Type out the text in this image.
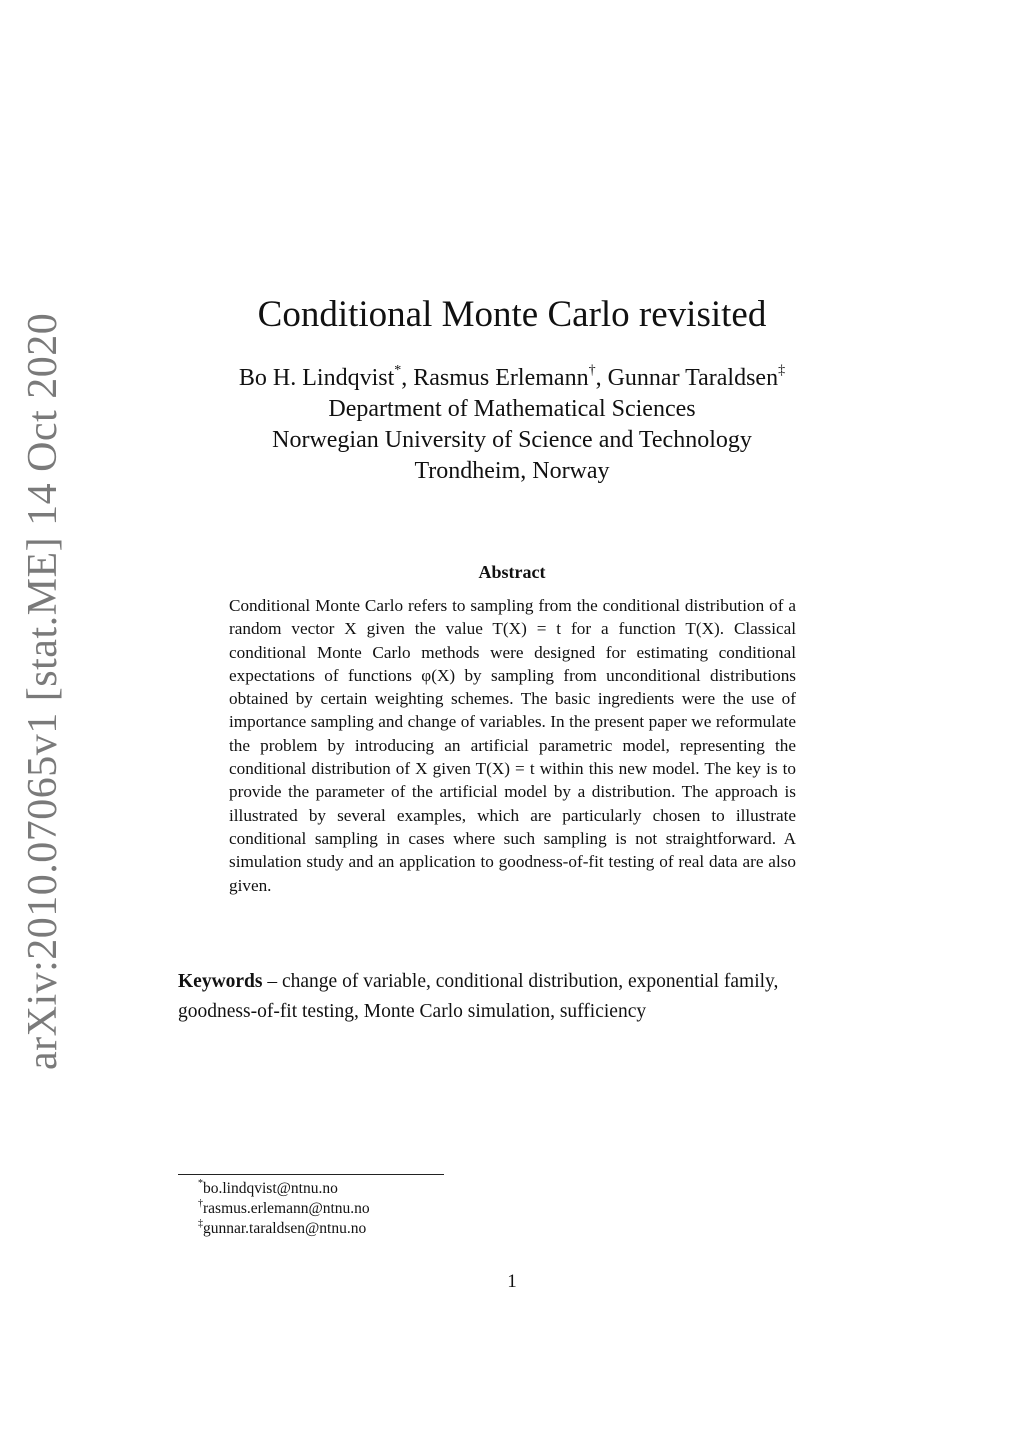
arXiv:2010.07065v1 [stat.ME] 14 Oct 2020	Conditional Monte Carlo revisited
Bo H. Lindqvist*, Rasmus Erlemann†, Gunnar Taraldsen‡
Department of Mathematical Sciences
Norwegian University of Science and Technology
Trondheim, Norway
Abstract
Conditional Monte Carlo refers to sampling from the conditional distribution of a random vector X given the value T(X) = t for a function T(X). Classical conditional Monte Carlo methods were designed for estimating conditional expectations of functions φ(X) by sampling from unconditional distributions obtained by certain weighting schemes. The basic ingredients were the use of importance sampling and change of variables. In the present paper we reformulate the problem by introducing an artificial parametric model, representing the conditional distribution of X given T(X) = t within this new model. The key is to provide the parameter of the artificial model by a distribution. The approach is illustrated by several examples, which are particularly chosen to illustrate conditional sampling in cases where such sampling is not straightforward. A simulation study and an application to goodness-of-fit testing of real data are also given.
Keywords – change of variable, conditional distribution, exponential family, goodness-of-fit testing, Monte Carlo simulation, sufficiency
*bo.lindqvist@ntnu.no
†rasmus.erlemann@ntnu.no
‡gunnar.taraldsen@ntnu.no
1
